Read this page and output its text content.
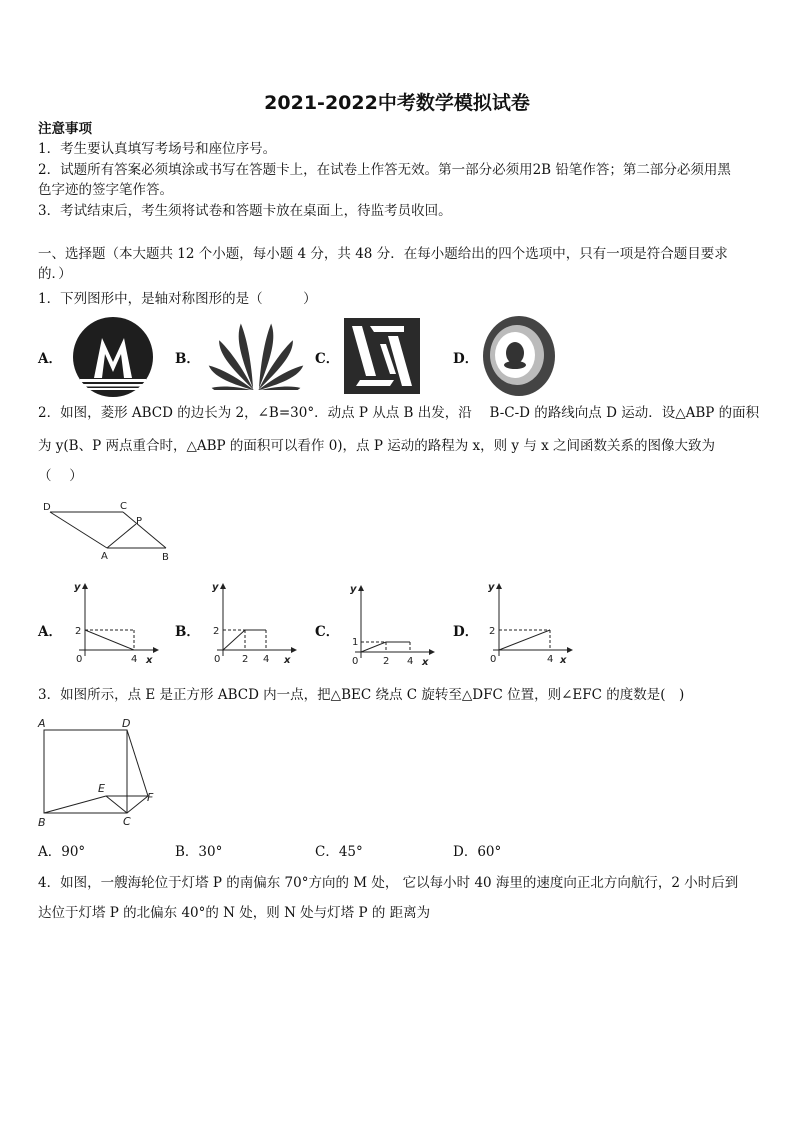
2021-2022中考数学模拟试卷
注意事项
1．考生要认真填写考场号和座位序号。
2．试题所有答案必须填涂或书写在答题卡上，在试卷上作答无效。第一部分必须用2B 铅笔作答；第二部分必须用黑
色字迹的签字笔作答。
3．考试结束后，考生须将试卷和答题卡放在桌面上，待监考员收回。
一、选择题（本大题共 12 个小题，每小题 4 分，共 48 分．在每小题给出的四个选项中，只有一项是符合题目要求
的．）
1．下列图形中，是轴对称图形的是（　　　）
A．	B．	C．	D．
2．如图，菱形 ABCD 的边长为 2，∠B=30°．动点 P 从点 B 出发，沿　 B-C-D 的路线向点 D 运动．设△ABP 的面积
为 y(B、P 两点重合时，△ABP 的面积可以看作 0)，点 P 运动的路程为 x，则 y 与 x 之间函数关系的图像大致为
（　 ）
D	C
P
A	B
A．
y
x
0
2
4
B．
y
x
0
2
2 4
C．
y
x
0
1
2 4
D．
y
x
0
2
4
3．如图所示，点 E 是正方形 ABCD 内一点，把△BEC 绕点 C 旋转至△DFC 位置，则∠EFC 的度数是(　)
A	D
E
F
B	C
A．90°	B．30°	C．45°	D．60°
4．如图，一艘海轮位于灯塔 P 的南偏东 70°方向的 M 处， 它以每小时 40 海里的速度向正北方向航行，2 小时后到
达位于灯塔 P 的北偏东 40°的 N 处，则 N 处与灯塔 P 的 距离为
